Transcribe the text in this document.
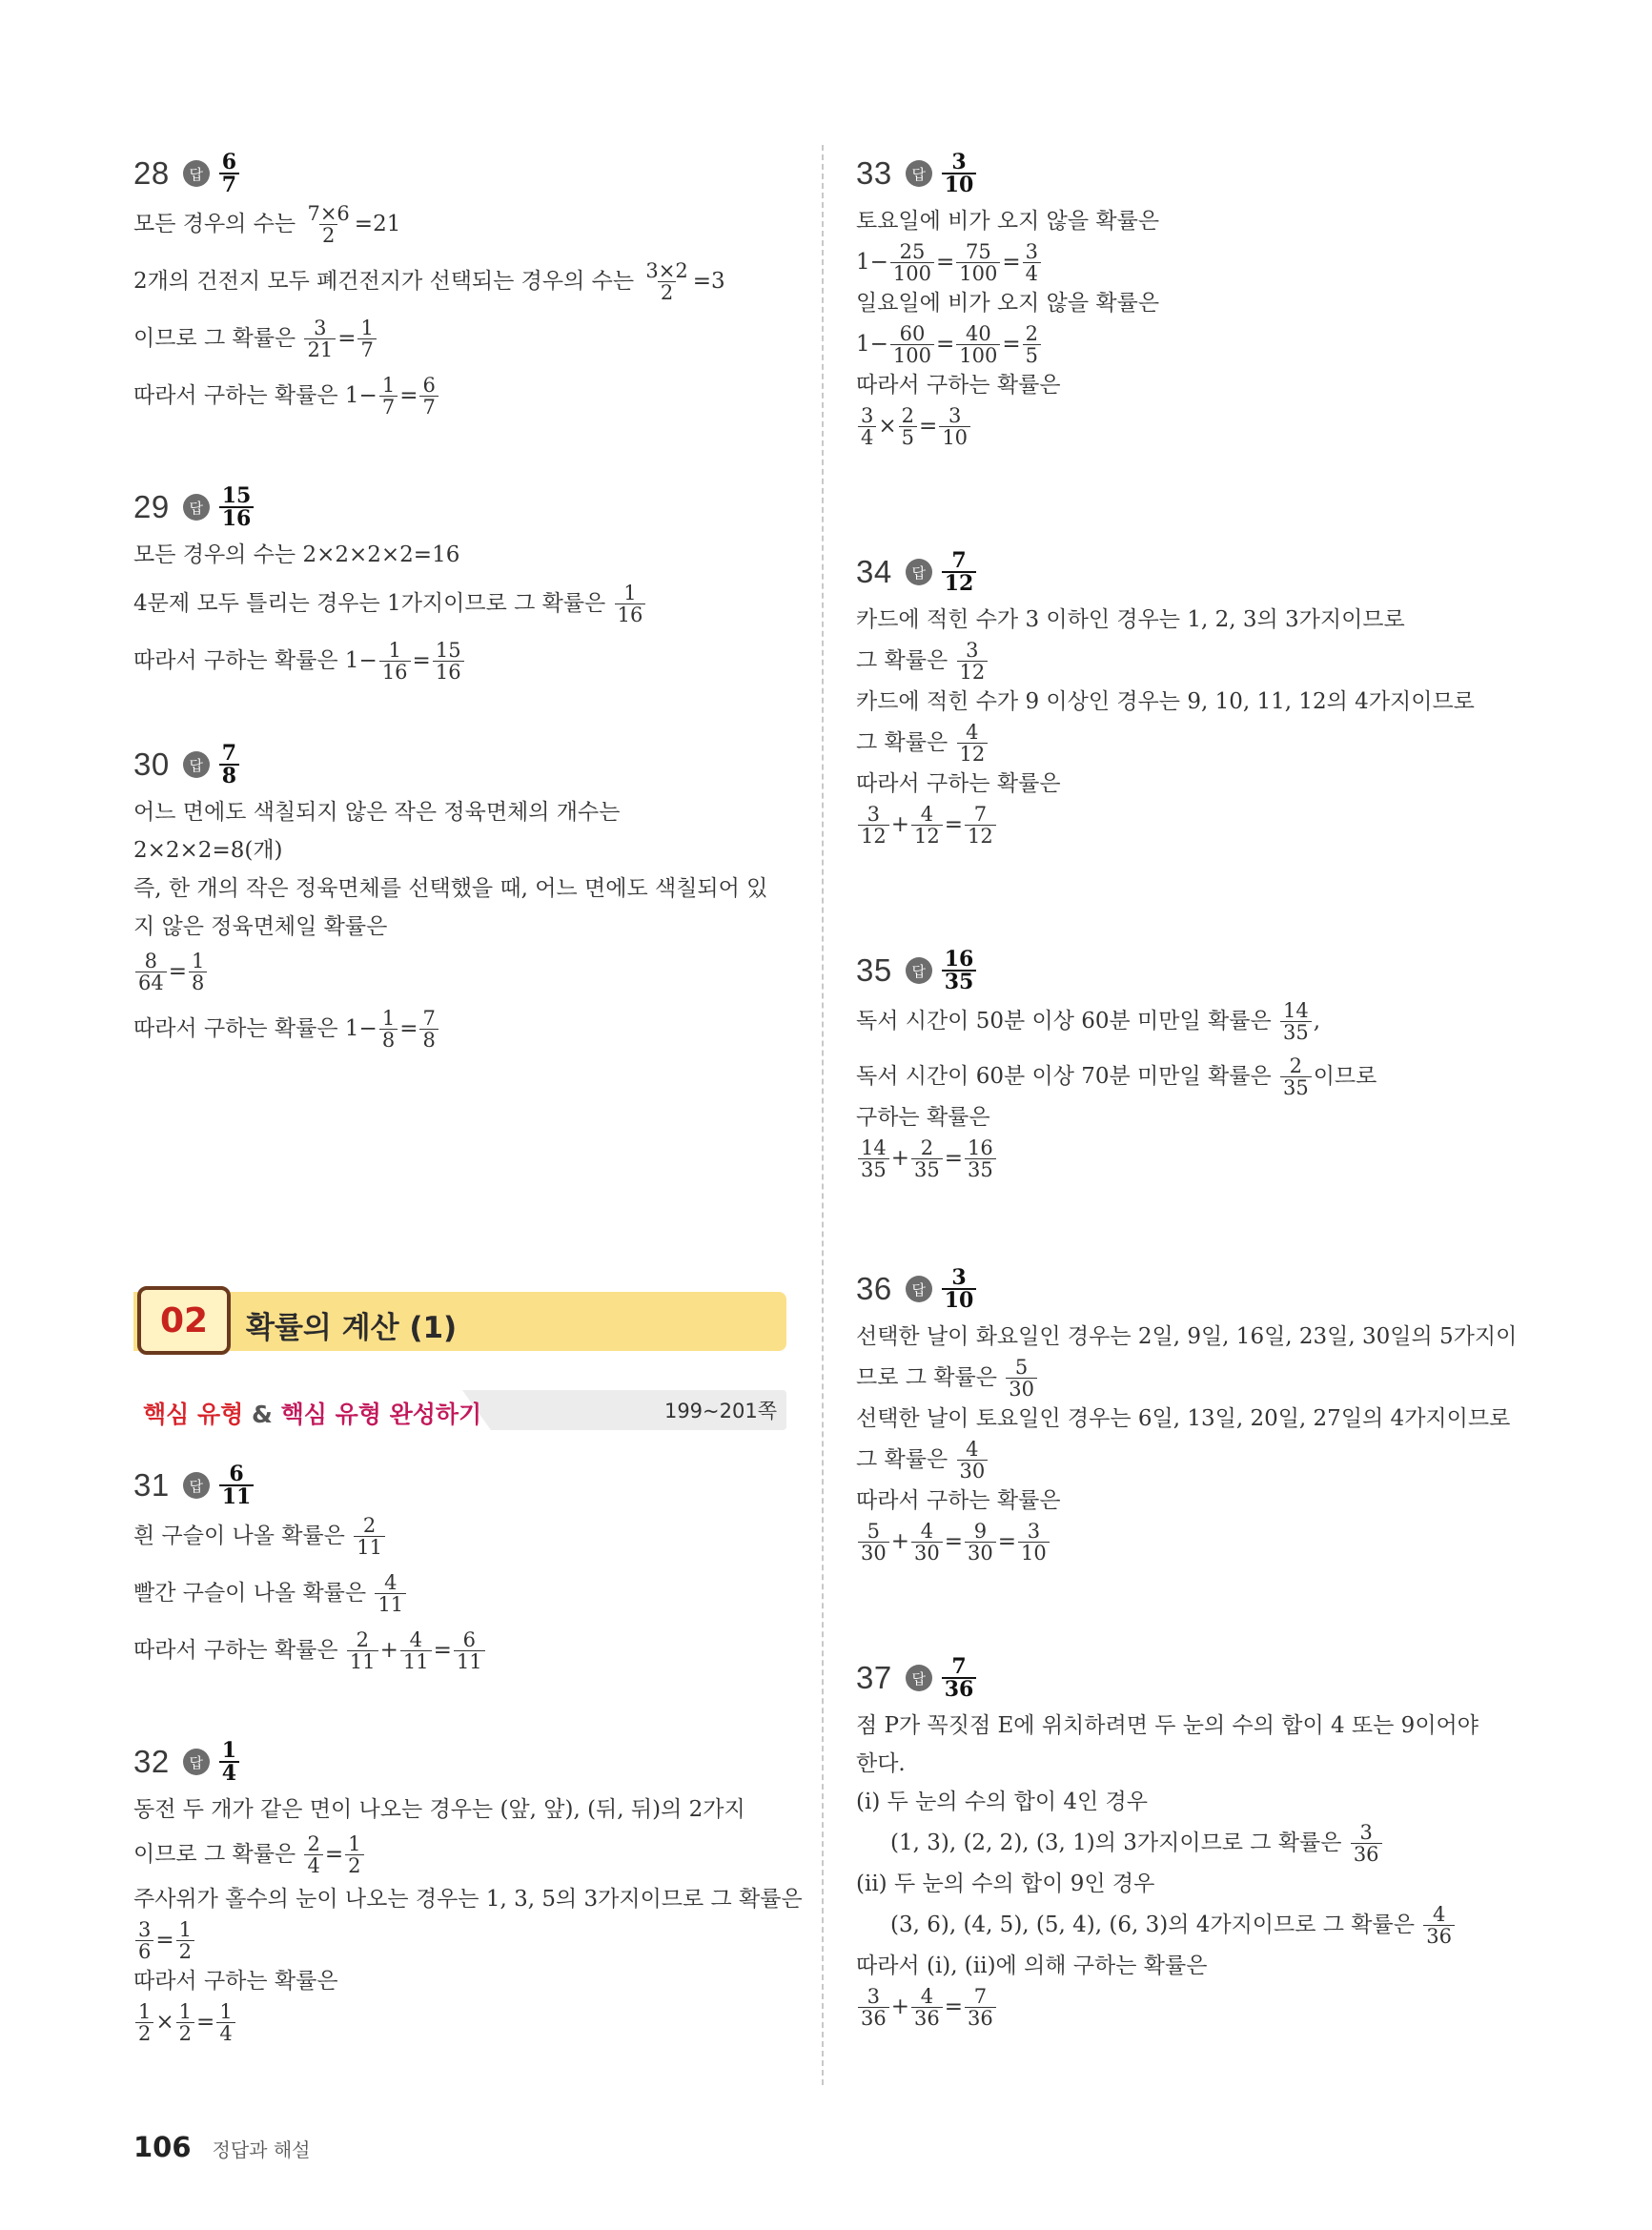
28	답 $\frac{6}{7}$
모든 경우의 수는
$\frac{7\times 6}{2} =21$
2개의 건전지 모두 폐건전지가 선택되는 경우의 수는
$\frac{3\times 2}{2} =3$
이므로 그 확률은
$\frac{3}{21} = \frac{1}{7}$
따라서 구하는 확률은 $1- \frac{1}{7} = \frac{6}{7}$
29	답 $\frac{15}{16}$
모든 경우의 수는 2×2×2×2=16
4문제 모두 틀리는 경우는 1가지이므로 그 확률은
$\frac{1}{16}$
따라서 구하는 확률은 $1- \frac{1}{16} = \frac{15}{16}$
30	답 $\frac{7}{8}$
어느 면에도 색칠되지 않은 작은 정육면체의 개수는
2×2×2=8(개)
즉, 한 개의 작은 정육면체를 선택했을 때, 어느 면에도 색칠되어 있
지 않은 정육면체일 확률은
$\frac{8}{64} = \frac{1}{8}$
따라서 구하는 확률은 $1- \frac{1}{8} = \frac{7}{8}$
02	확률의 계산 (1)
핵심 유형 & 핵심 유형 완성하기	199~201쪽
31	답 $\frac{6}{11}$
흰 구슬이 나올 확률은
$\frac{2}{11}$
빨간 구슬이 나올 확률은
$\frac{4}{11}$
따라서 구하는 확률은
$\frac{2}{11} + \frac{4}{11} = \frac{6}{11}$
32	답 $\frac{1}{4}$
동전 두 개가 같은 면이 나오는 경우는 (앞, 앞), (뒤, 뒤)의 2가지
이므로 그 확률은
$\frac{2}{4} = \frac{1}{2}$
주사위가 홀수의 눈이 나오는 경우는 1, 3, 5의 3가지이므로 그 확률은
$\frac{3}{6} = \frac{1}{2}$
따라서 구하는 확률은
$\frac{1}{2} \times \frac{1}{2} = \frac{1}{4}$
33	답 $\frac{3}{10}$
토요일에 비가 오지 않을 확률은
$1- \frac{25}{100} = \frac{75}{100} = \frac{3}{4}$
일요일에 비가 오지 않을 확률은
$1- \frac{60}{100} = \frac{40}{100} = \frac{2}{5}$
따라서 구하는 확률은
$\frac{3}{4} \times \frac{2}{5} = \frac{3}{10}$
34	답 $\frac{7}{12}$
카드에 적힌 수가 3 이하인 경우는 1, 2, 3의 3가지이므로
그 확률은
$\frac{3}{12}$
카드에 적힌 수가 9 이상인 경우는 9, 10, 11, 12의 4가지이므로
그 확률은
$\frac{4}{12}$
따라서 구하는 확률은
$\frac{3}{12} + \frac{4}{12} = \frac{7}{12}$
35	답 $\frac{16}{35}$
독서 시간이 50분 이상 60분 미만일 확률은
$\frac{14}{35}$ ,
독서 시간이 60분 이상 70분 미만일 확률은
$\frac{2}{35}$ 이므로
구하는 확률은
$\frac{14}{35} + \frac{2}{35} = \frac{16}{35}$
36	답 $\frac{3}{10}$
선택한 날이 화요일인 경우는 2일, 9일, 16일, 23일, 30일의 5가지이
므로 그 확률은
$\frac{5}{30}$
선택한 날이 토요일인 경우는 6일, 13일, 20일, 27일의 4가지이므로
그 확률은
$\frac{4}{30}$
따라서 구하는 확률은
$\frac{5}{30} + \frac{4}{30} = \frac{9}{30} = \frac{3}{10}$
37	답 $\frac{7}{36}$
점 P가 꼭짓점 E에 위치하려면 두 눈의 수의 합이 4 또는 9이어야
한다.
(ⅰ) 두 눈의 수의 합이 4인 경우
(1, 3), (2, 2), (3, 1)의 3가지이므로 그 확률은
$\frac{3}{36}$
(ⅱ) 두 눈의 수의 합이 9인 경우
(3, 6), (4, 5), (5, 4), (6, 3)의 4가지이므로 그 확률은
$\frac{4}{36}$
따라서 (ⅰ), (ⅱ)에 의해 구하는 확률은
$\frac{3}{36} + \frac{4}{36} = \frac{7}{36}$
106 정답과 해설
